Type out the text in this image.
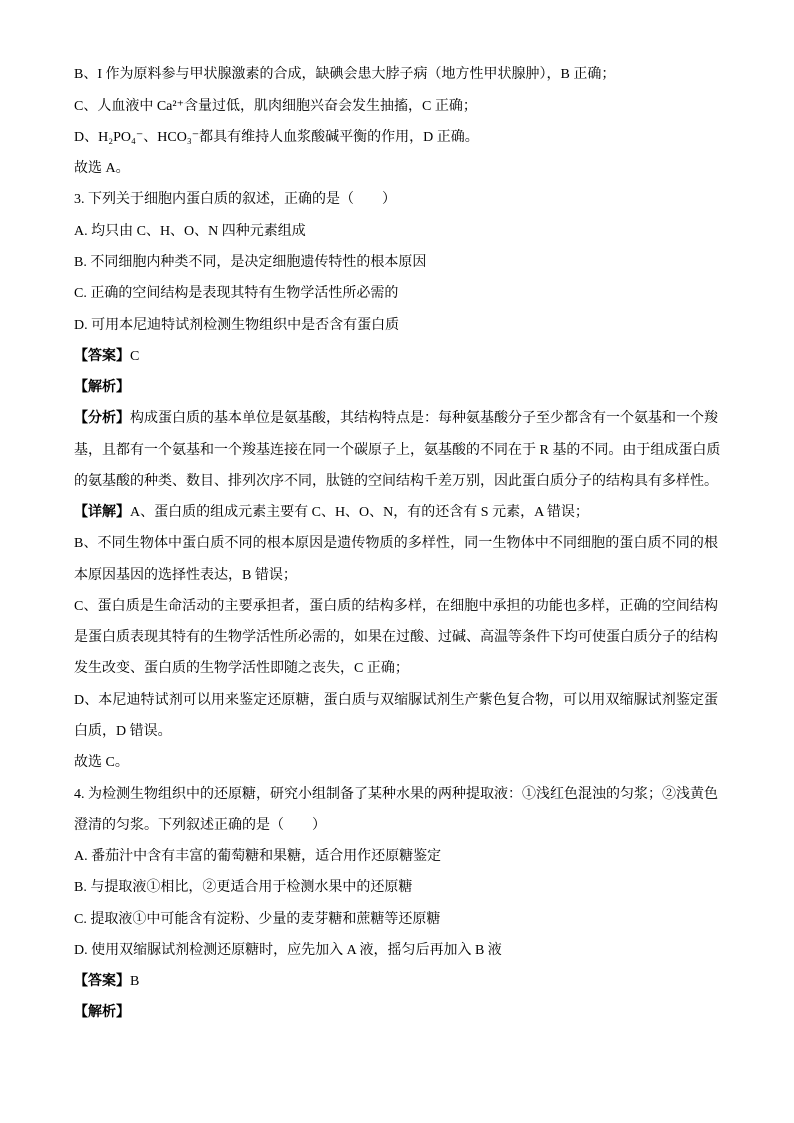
B、I 作为原料参与甲状腺激素的合成，缺碘会患大脖子病（地方性甲状腺肿），B 正确；
C、人血液中 Ca²⁺含量过低，肌肉细胞兴奋会发生抽搐，C 正确；
D、H₂PO₄⁻、HCO₃⁻都具有维持人血浆酸碱平衡的作用，D 正确。
故选 A。
3. 下列关于细胞内蛋白质的叙述，正确的是（　　）
A. 均只由 C、H、O、N 四种元素组成
B. 不同细胞内种类不同，是决定细胞遗传特性的根本原因
C. 正确的空间结构是表现其特有生物学活性所必需的
D. 可用本尼迪特试剂检测生物组织中是否含有蛋白质
【答案】C
【解析】
【分析】构成蛋白质的基本单位是氨基酸，其结构特点是：每种氨基酸分子至少都含有一个氨基和一个羧
基，且都有一个氨基和一个羧基连接在同一个碳原子上，氨基酸的不同在于 R 基的不同。由于组成蛋白质
的氨基酸的种类、数目、排列次序不同，肽链的空间结构千差万别，因此蛋白质分子的结构具有多样性。
【详解】A、蛋白质的组成元素主要有 C、H、O、N，有的还含有 S 元素，A 错误；
B、不同生物体中蛋白质不同的根本原因是遗传物质的多样性，同一生物体中不同细胞的蛋白质不同的根
本原因基因的选择性表达，B 错误；
C、蛋白质是生命活动的主要承担者，蛋白质的结构多样，在细胞中承担的功能也多样，正确的空间结构
是蛋白质表现其特有的生物学活性所必需的，如果在过酸、过碱、高温等条件下均可使蛋白质分子的结构
发生改变、蛋白质的生物学活性即随之丧失，C 正确；
D、本尼迪特试剂可以用来鉴定还原糖，蛋白质与双缩脲试剂生产紫色复合物，可以用双缩脲试剂鉴定蛋
白质，D 错误。
故选 C。
4. 为检测生物组织中的还原糖，研究小组制备了某种水果的两种提取液：①浅红色混浊的匀浆；②浅黄色
澄清的匀浆。下列叙述正确的是（　　）
A. 番茄汁中含有丰富的葡萄糖和果糖，适合用作还原糖鉴定
B. 与提取液①相比，②更适合用于检测水果中的还原糖
C. 提取液①中可能含有淀粉、少量的麦芽糖和蔗糖等还原糖
D. 使用双缩脲试剂检测还原糖时，应先加入 A 液，摇匀后再加入 B 液
【答案】B
【解析】
